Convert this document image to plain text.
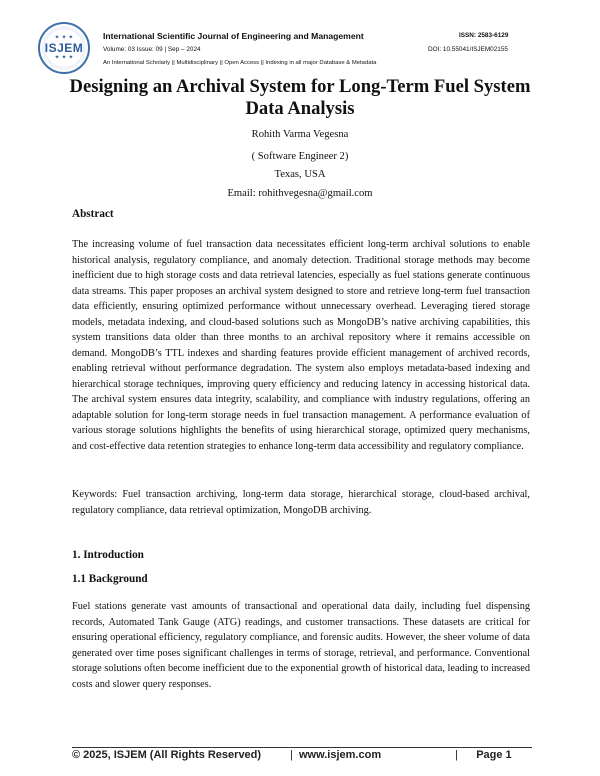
✦ ✦ ✦
ISJEM
✦ ✦ ✦
International Scientific Journal of Engineering and Management	ISSN: 2583-6129
Volume: 03 Issue: 09 | Sep – 2024	DOI: 10.55041/ISJEM02155
An International Scholarly || Multidisciplinary || Open Access || Indexing in all major Database & Metadata
Designing an Archival System for Long-Term Fuel System Data Analysis

Rohith Varma Vegesna

( Software Engineer 2)

Texas, USA

Email: rohithvegesna@gmail.com

Abstract

The increasing volume of fuel transaction data necessitates efficient long-term archival solutions to enable historical analysis, regulatory compliance, and anomaly detection. Traditional storage methods may become inefficient due to high storage costs and data retrieval latencies, especially as fuel stations generate continuous data streams. This paper proposes an archival system designed to store and retrieve long-term fuel transaction data efficiently, ensuring optimized performance without unnecessary overhead. Leveraging tiered storage models, metadata indexing, and cloud-based solutions such as MongoDB’s native archiving capabilities, this system transitions data older than three months to an archival repository where it remains accessible on demand. MongoDB’s TTL indexes and sharding features provide efficient management of archived records, enabling retrieval without performance degradation. The system also employs metadata-based indexing and hierarchical storage techniques, improving query efficiency and reducing latency in accessing historical data. The archival system ensures data integrity, scalability, and compliance with industry regulations, offering an adaptable solution for long-term storage needs in fuel transaction management. A performance evaluation of various storage solutions highlights the benefits of using hierarchical storage, optimized query mechanisms, and cost-effective data retention strategies to enhance long-term data accessibility and regulatory compliance.

Keywords: Fuel transaction archiving, long-term data storage, hierarchical storage, cloud-based archival, regulatory compliance, data retrieval optimization, MongoDB archiving.

1. Introduction
1.1 Background

Fuel stations generate vast amounts of transactional and operational data daily, including fuel dispensing records, Automated Tank Gauge (ATG) readings, and customer transactions. These datasets are critical for ensuring operational efficiency, regulatory compliance, and forensic audits. However, the sheer volume of data generated over time poses significant challenges in terms of storage, retrieval, and performance. Conventional storage solutions often become inefficient due to the exponential growth of historical data, leading to increased costs and slower query responses.

© 2025, ISJEM (All Rights Reserved)	| www.isjem.com	| Page 1
